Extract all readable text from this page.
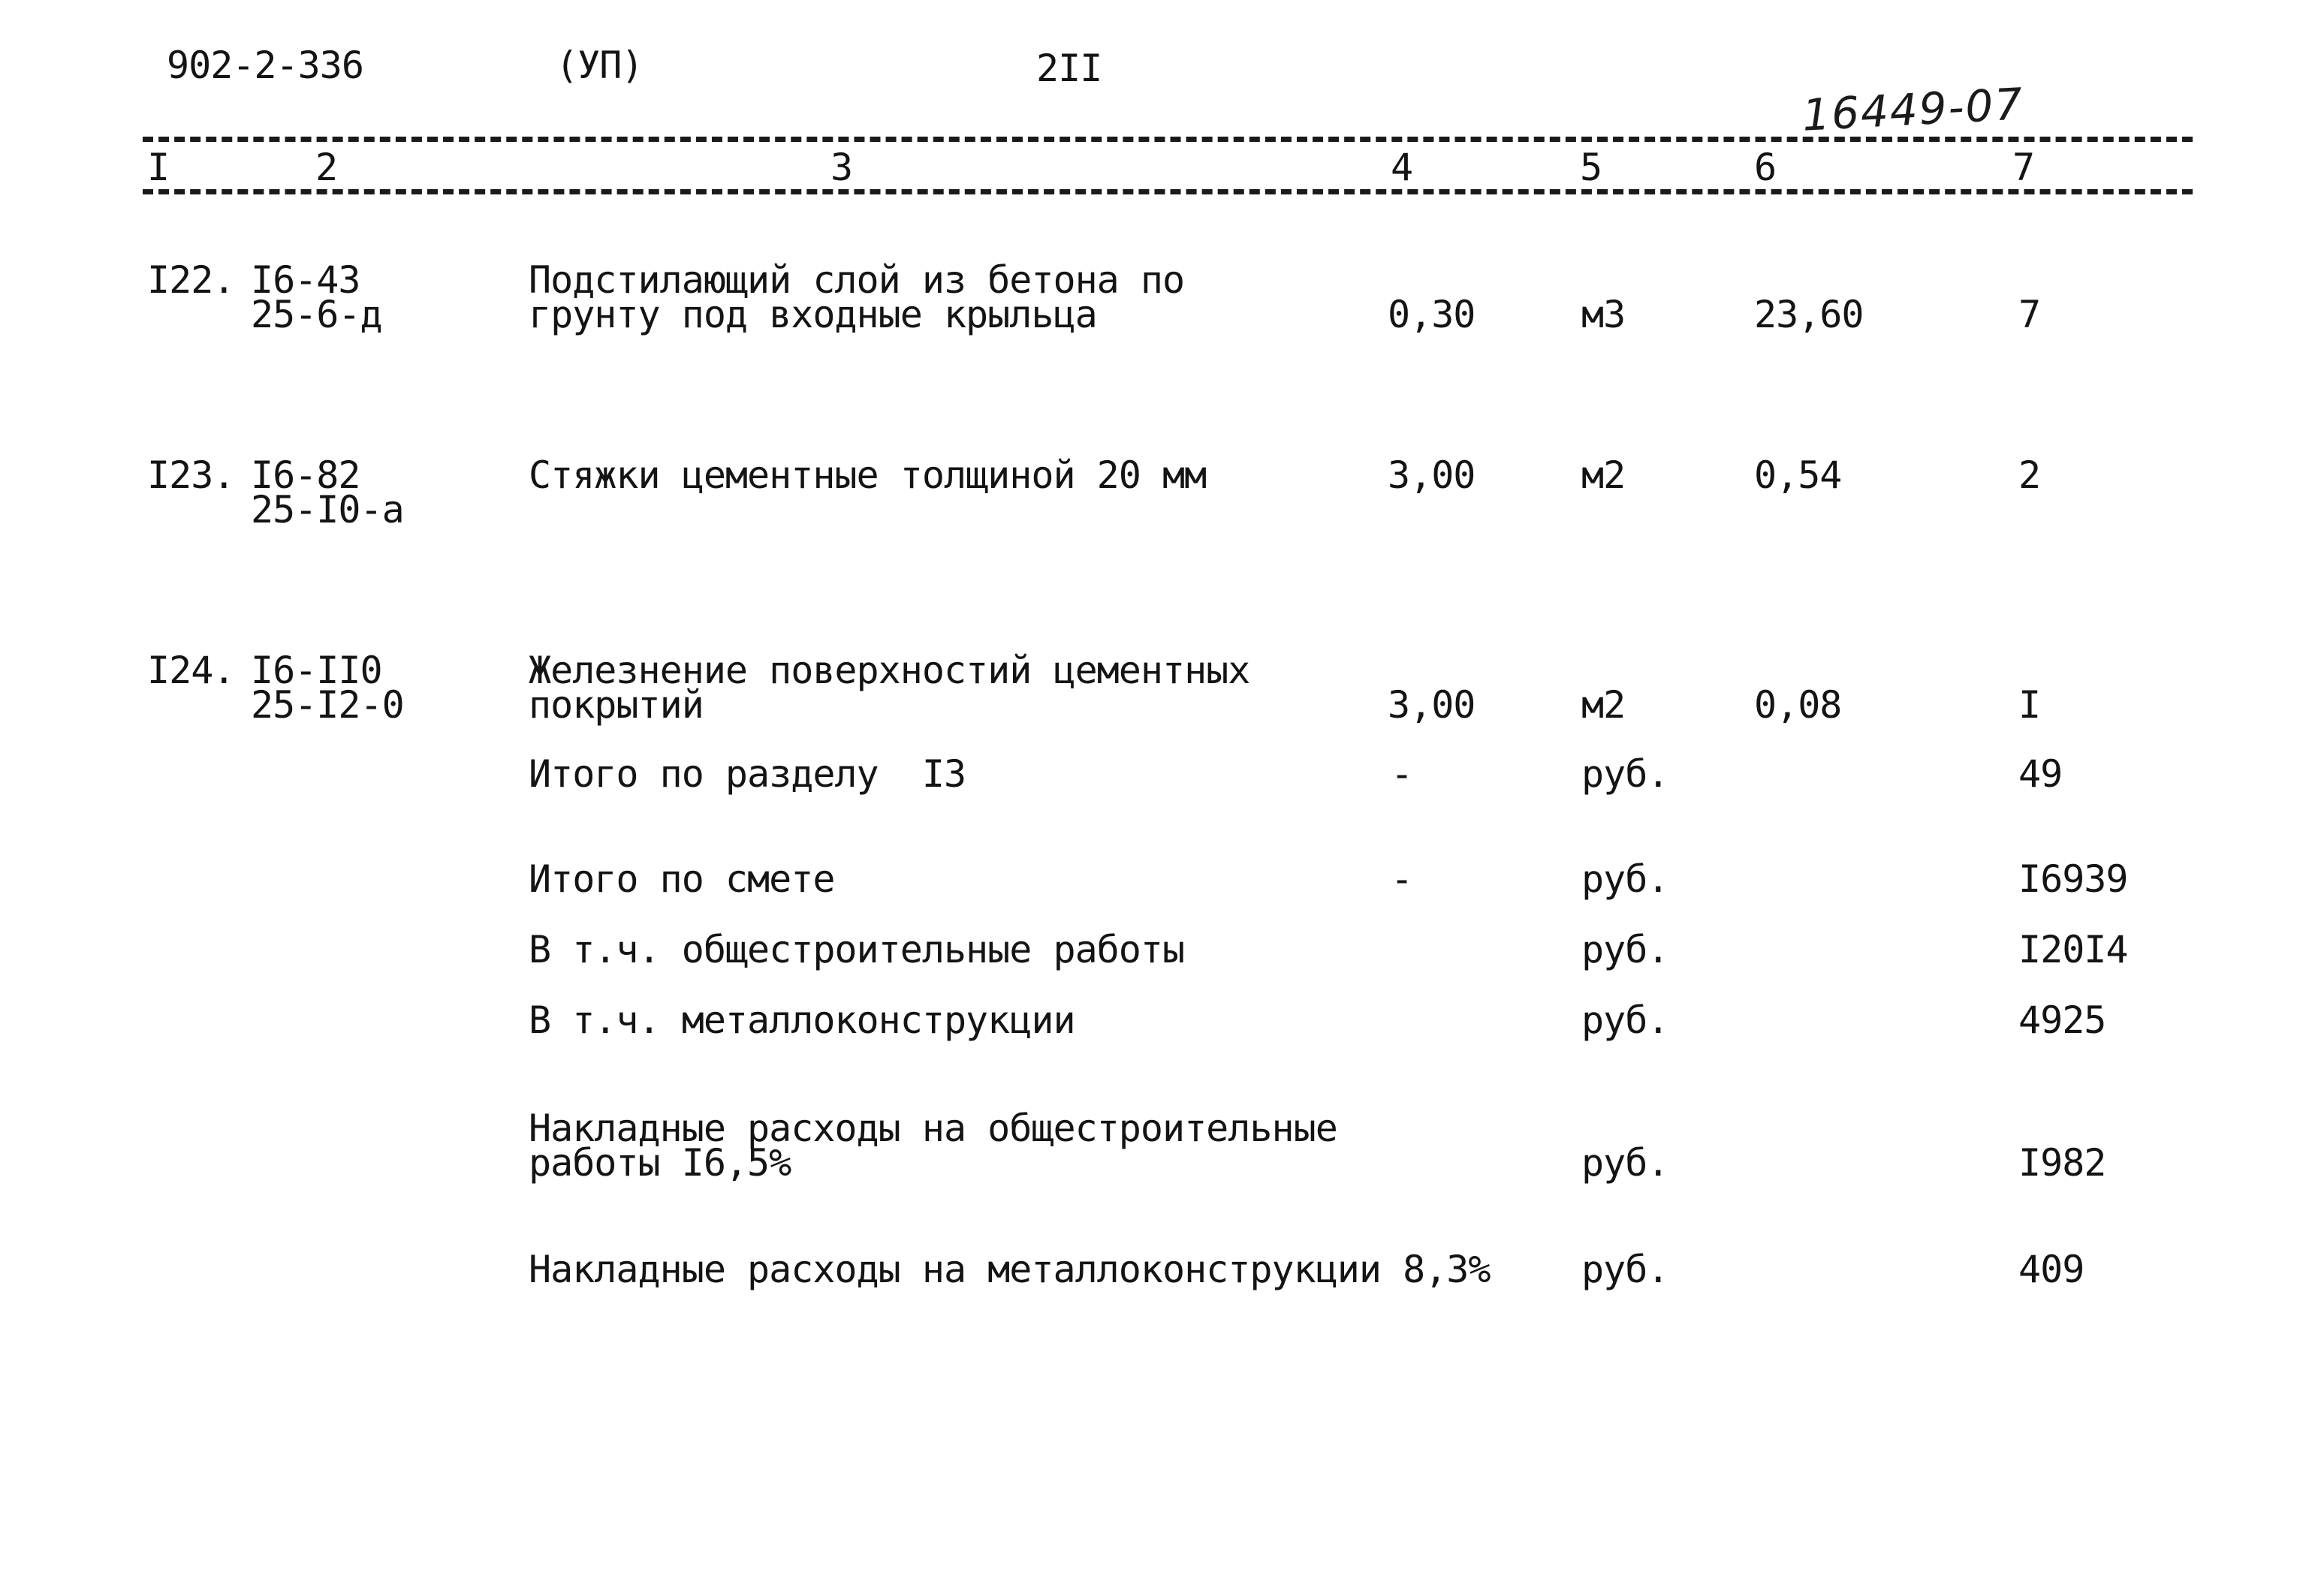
902-2-336	(УП)	2II
16449-07
I	2	3	4	5	6	7
I22. I6-43
25-6-д
Подстилающий слой из бетона по
грунту под входные крыльца	0,30	м3	23,60	7
I23. I6-82
25-I0-а
Стяжки цементные толщиной 20 мм	3,00	м2	0,54	2
I24. I6-II0
25-I2-0
Железнение поверхностий цементных
покрытий	3,00	м2	0,08	I
Итого по разделу  I3	-	руб.	49
Итого по смете	-	руб.	I6939
В т.ч. общестроительные работы	руб.	I20I4
В т.ч. металлоконструкции	руб.	4925
Накладные расходы на общестроительные
работы I6,5%	руб.	I982
Накладные расходы на металлоконструкции 8,3% руб.	409
